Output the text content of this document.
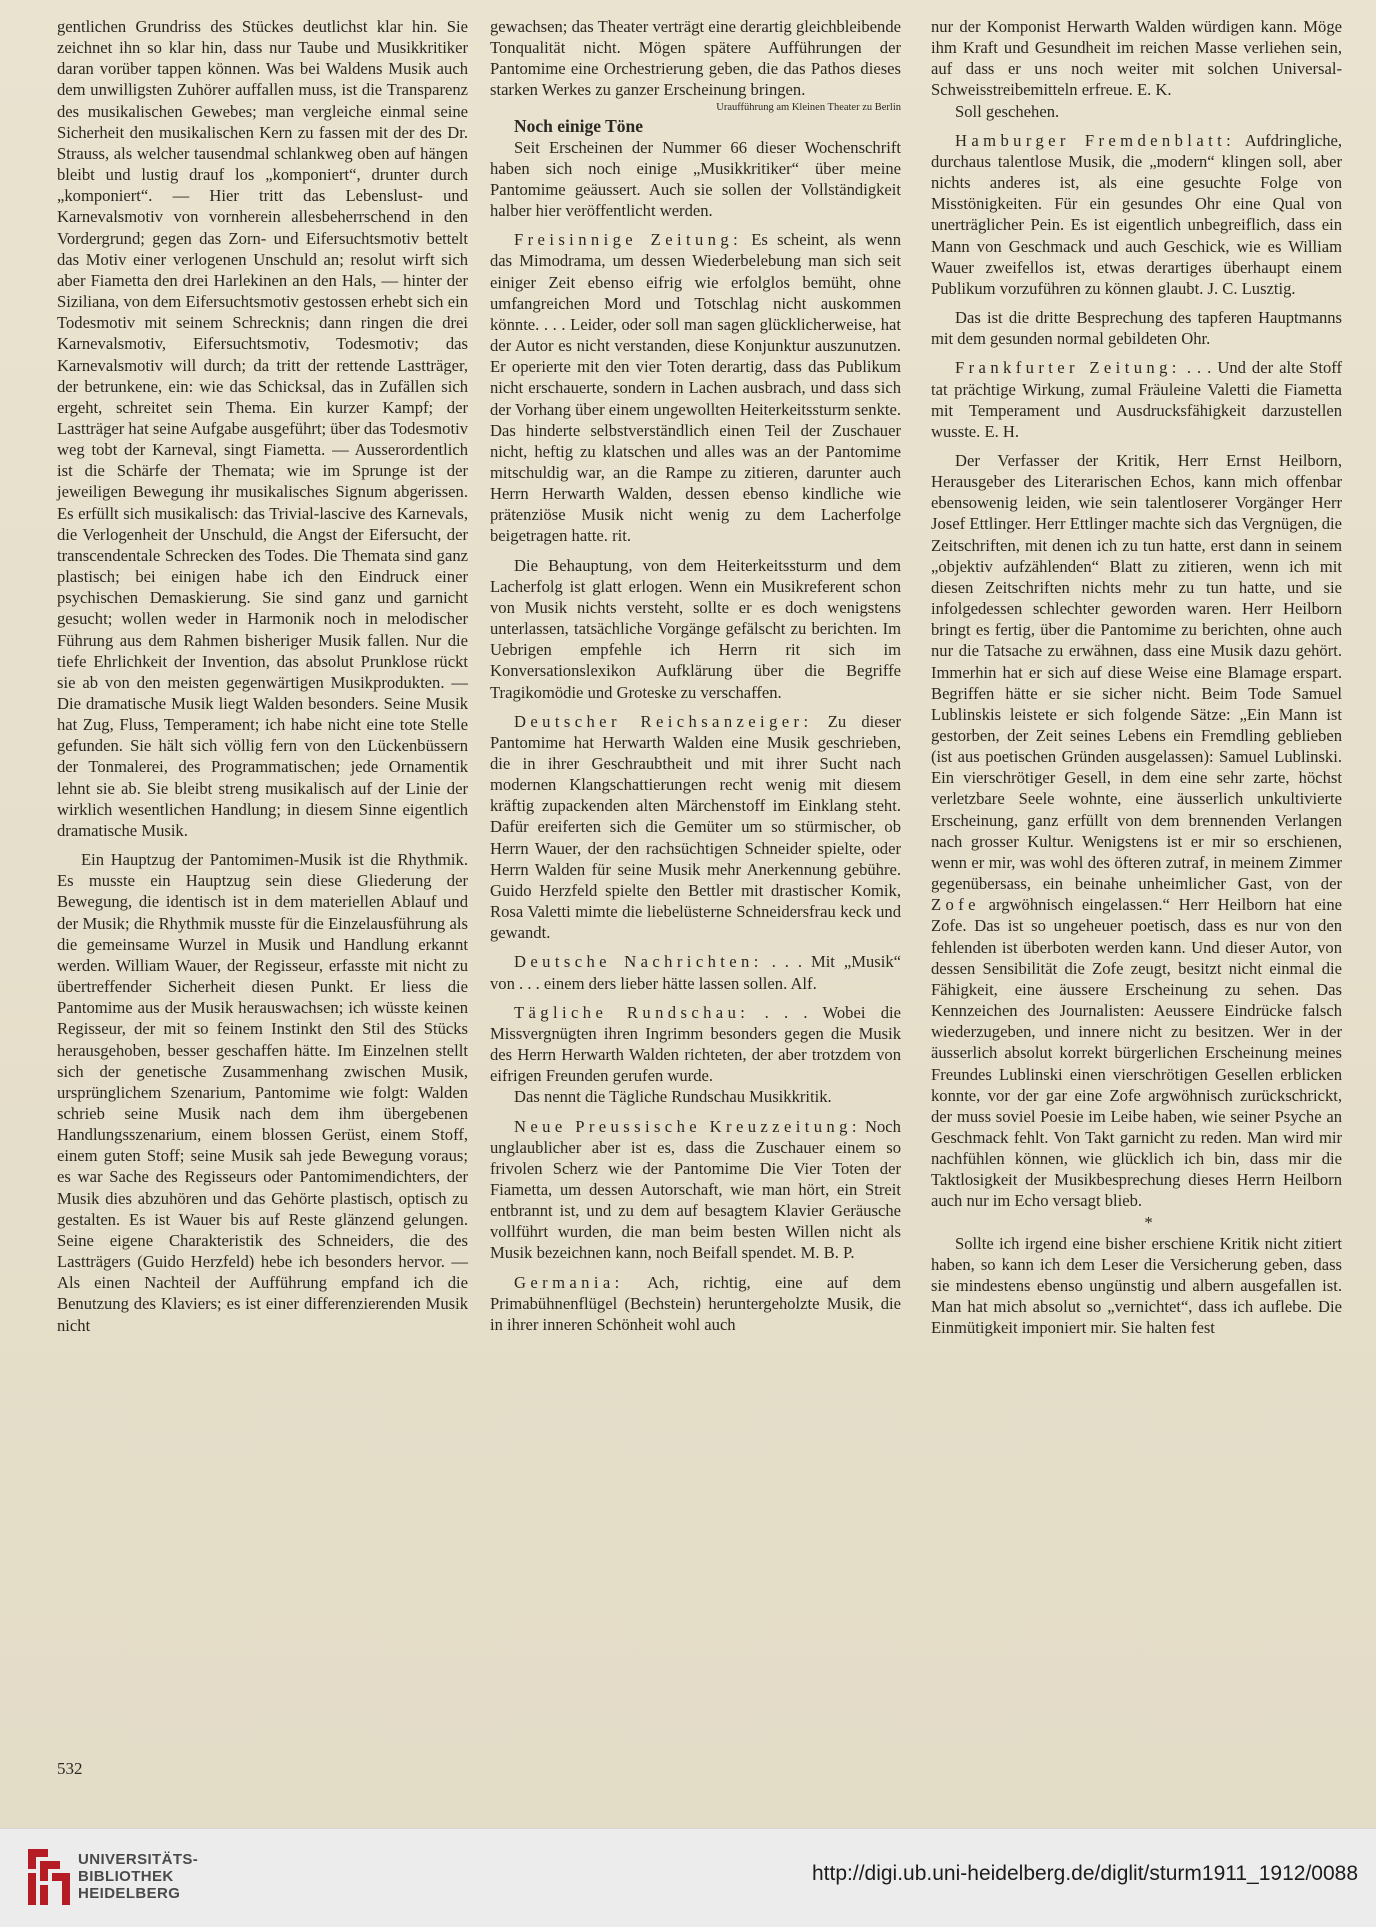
gentlichen Grundriss des Stückes deutlichst klar hin. Sie zeichnet ihn so klar hin, dass nur Taube und Musikkritiker daran vorüber tappen können. Was bei Waldens Musik auch dem unwilligsten Zuhörer auffallen muss, ist die Transparenz des musikalischen Gewebes; man vergleiche einmal seine Sicherheit den musikalischen Kern zu fassen mit der des Dr. Strauss, als welcher tausendmal schlankweg oben auf hängen bleibt und lustig drauf los „komponiert“, drunter durch „komponiert“. — Hier tritt das Lebenslust- und Karnevalsmotiv von vornherein allesbeherrschend in den Vordergrund; gegen das Zorn- und Eifersuchtsmotiv bettelt das Motiv einer verlogenen Unschuld an; resolut wirft sich aber Fiametta den drei Harlekinen an den Hals, — hinter der Siziliana, von dem Eifersuchtsmotiv gestossen erhebt sich ein Todesmotiv mit seinem Schrecknis; dann ringen die drei Karnevalsmotiv, Eifersuchtsmotiv, Todesmotiv; das Karnevalsmotiv will durch; da tritt der rettende Lastträger, der betrunkene, ein: wie das Schicksal, das in Zufällen sich ergeht, schreitet sein Thema. Ein kurzer Kampf; der Lastträger hat seine Aufgabe ausgeführt; über das Todesmotiv weg tobt der Karneval, singt Fiametta. — Ausserordentlich ist die Schärfe der Themata; wie im Sprunge ist der jeweiligen Bewegung ihr musikalisches Signum abgerissen. Es erfüllt sich musikalisch: das Trivial-lascive des Karnevals, die Verlogenheit der Unschuld, die Angst der Eifersucht, der transcendentale Schrecken des Todes. Die Themata sind ganz plastisch; bei einigen habe ich den Eindruck einer psychischen Demaskierung. Sie sind ganz und garnicht gesucht; wollen weder in Harmonik noch in melodischer Führung aus dem Rahmen bisheriger Musik fallen. Nur die tiefe Ehrlichkeit der Invention, das absolut Prunklose rückt sie ab von den meisten gegenwärtigen Musikprodukten. — Die dramatische Musik liegt Walden besonders. Seine Musik hat Zug, Fluss, Temperament; ich habe nicht eine tote Stelle gefunden. Sie hält sich völlig fern von den Lückenbüssern der Tonmalerei, des Programmatischen; jede Ornamentik lehnt sie ab. Sie bleibt streng musikalisch auf der Linie der wirklich wesentlichen Handlung; in diesem Sinne eigentlich dramatische Musik.

Ein Hauptzug der Pantomimen-Musik ist die Rhythmik. Es musste ein Hauptzug sein diese Gliederung der Bewegung, die identisch ist in dem materiellen Ablauf und der Musik; die Rhythmik musste für die Einzelausführung als die gemeinsame Wurzel in Musik und Handlung erkannt werden. William Wauer, der Regisseur, erfasste mit nicht zu übertreffender Sicherheit diesen Punkt. Er liess die Pantomime aus der Musik herauswachsen; ich wüsste keinen Regisseur, der mit so feinem Instinkt den Stil des Stücks herausgehoben, besser geschaffen hätte. Im Einzelnen stellt sich der genetische Zusammenhang zwischen Musik, ursprünglichem Szenarium, Pantomime wie folgt: Walden schrieb seine Musik nach dem ihm übergebenen Handlungsszenarium, einem blossen Gerüst, einem Stoff, einem guten Stoff; seine Musik sah jede Bewegung voraus; es war Sache des Regisseurs oder Pantomimendichters, der Musik dies abzuhören und das Gehörte plastisch, optisch zu gestalten. Es ist Wauer bis auf Reste glänzend gelungen. Seine eigene Charakteristik des Schneiders, die des Lastträgers (Guido Herzfeld) hebe ich besonders hervor. — Als einen Nachteil der Aufführung empfand ich die Benutzung des Klaviers; es ist einer differenzierenden Musik nicht

gewachsen; das Theater verträgt eine derartig gleichbleibende Tonqualität nicht. Mögen spätere Aufführungen der Pantomime eine Orchestrierung geben, die das Pathos dieses starken Werkes zu ganzer Erscheinung bringen.

Uraufführung am Kleinen Theater zu Berlin

Noch einige Töne

Seit Erscheinen der Nummer 66 dieser Wochenschrift haben sich noch einige „Musikkritiker“ über meine Pantomime geäussert. Auch sie sollen der Vollständigkeit halber hier veröffentlicht werden.

Freisinnige Zeitung: Es scheint, als wenn das Mimodrama, um dessen Wiederbelebung man sich seit einiger Zeit ebenso eifrig wie erfolglos bemüht, ohne umfangreichen Mord und Totschlag nicht auskommen könnte. . . . Leider, oder soll man sagen glücklicherweise, hat der Autor es nicht verstanden, diese Konjunktur auszunutzen. Er operierte mit den vier Toten derartig, dass das Publikum nicht erschauerte, sondern in Lachen ausbrach, und dass sich der Vorhang über einem ungewollten Heiterkeitssturm senkte. Das hinderte selbstverständlich einen Teil der Zuschauer nicht, heftig zu klatschen und alles was an der Pantomime mitschuldig war, an die Rampe zu zitieren, darunter auch Herrn Herwarth Walden, dessen ebenso kindliche wie prätenziöse Musik nicht wenig zu dem Lacherfolge beigetragen hatte. rit.

Die Behauptung, von dem Heiterkeitssturm und dem Lacherfolg ist glatt erlogen. Wenn ein Musikreferent schon von Musik nichts versteht, sollte er es doch wenigstens unterlassen, tatsächliche Vorgänge gefälscht zu berichten. Im Uebrigen empfehle ich Herrn rit sich im Konversationslexikon Aufklärung über die Begriffe Tragikomödie und Groteske zu verschaffen.

Deutscher Reichsanzeiger: Zu dieser Pantomime hat Herwarth Walden eine Musik geschrieben, die in ihrer Geschraubtheit und mit ihrer Sucht nach modernen Klangschattierungen recht wenig mit diesem kräftig zupackenden alten Märchenstoff im Einklang steht. Dafür ereiferten sich die Gemüter um so stürmischer, ob Herrn Wauer, der den rachsüchtigen Schneider spielte, oder Herrn Walden für seine Musik mehr Anerkennung gebühre. Guido Herzfeld spielte den Bettler mit drastischer Komik, Rosa Valetti mimte die liebelüsterne Schneidersfrau keck und gewandt.

Deutsche Nachrichten: . . . Mit „Musik“ von . . . einem ders lieber hätte lassen sollen. Alf.

Tägliche Rundschau: . . . Wobei die Missvergnügten ihren Ingrimm besonders gegen die Musik des Herrn Herwarth Walden richteten, der aber trotzdem von eifrigen Freunden gerufen wurde.

Das nennt die Tägliche Rundschau Musikkritik.

Neue Preussische Kreuzzeitung: Noch unglaublicher aber ist es, dass die Zuschauer einem so frivolen Scherz wie der Pantomime Die Vier Toten der Fiametta, um dessen Autorschaft, wie man hört, ein Streit entbrannt ist, und zu dem auf besagtem Klavier Geräusche vollführt wurden, die man beim besten Willen nicht als Musik bezeichnen kann, noch Beifall spendet. M. B. P.

Germania: Ach, richtig, eine auf dem Primabühnenflügel (Bechstein) heruntergeholzte Musik, die in ihrer inneren Schönheit wohl auch

nur der Komponist Herwarth Walden würdigen kann. Möge ihm Kraft und Gesundheit im reichen Masse verliehen sein, auf dass er uns noch weiter mit solchen Universal-Schweisstreibemitteln erfreue. E. K.

Soll geschehen.

Hamburger Fremdenblatt: Aufdringliche, durchaus talentlose Musik, die „modern“ klingen soll, aber nichts anderes ist, als eine gesuchte Folge von Misstönigkeiten. Für ein gesundes Ohr eine Qual von unerträglicher Pein. Es ist eigentlich unbegreiflich, dass ein Mann von Geschmack und auch Geschick, wie es William Wauer zweifellos ist, etwas derartiges überhaupt einem Publikum vorzuführen zu können glaubt. J. C. Lusztig.

Das ist die dritte Besprechung des tapferen Hauptmanns mit dem gesunden normal gebildeten Ohr.

Frankfurter Zeitung: . . . Und der alte Stoff tat prächtige Wirkung, zumal Fräuleine Valetti die Fiametta mit Temperament und Ausdrucksfähigkeit darzustellen wusste. E. H.

Der Verfasser der Kritik, Herr Ernst Heilborn, Herausgeber des Literarischen Echos, kann mich offenbar ebensowenig leiden, wie sein talentloserer Vorgänger Herr Josef Ettlinger. Herr Ettlinger machte sich das Vergnügen, die Zeitschriften, mit denen ich zu tun hatte, erst dann in seinem „objektiv aufzählenden“ Blatt zu zitieren, wenn ich mit diesen Zeitschriften nichts mehr zu tun hatte, und sie infolgedessen schlechter geworden waren. Herr Heilborn bringt es fertig, über die Pantomime zu berichten, ohne auch nur die Tatsache zu erwähnen, dass eine Musik dazu gehört. Immerhin hat er sich auf diese Weise eine Blamage erspart. Begriffen hätte er sie sicher nicht. Beim Tode Samuel Lublinskis leistete er sich folgende Sätze: „Ein Mann ist gestorben, der Zeit seines Lebens ein Fremdling geblieben (ist aus poetischen Gründen ausgelassen): Samuel Lublinski. Ein vierschrötiger Gesell, in dem eine sehr zarte, höchst verletzbare Seele wohnte, eine äusserlich unkultivierte Erscheinung, ganz erfüllt von dem brennenden Verlangen nach grosser Kultur. Wenigstens ist er mir so erschienen, wenn er mir, was wohl des öfteren zutraf, in meinem Zimmer gegenübersass, ein beinahe unheimlicher Gast, von der Zofe argwöhnisch eingelassen.“ Herr Heilborn hat eine Zofe. Das ist so ungeheuer poetisch, dass es nur von den fehlenden ist überboten werden kann. Und dieser Autor, von dessen Sensibilität die Zofe zeugt, besitzt nicht einmal die Fähigkeit, eine äussere Erscheinung zu sehen. Das Kennzeichen des Journalisten: Aeussere Eindrücke falsch wiederzugeben, und innere nicht zu besitzen. Wer in der äusserlich absolut korrekt bürgerlichen Erscheinung meines Freundes Lublinski einen vierschrötigen Gesellen erblicken konnte, vor der gar eine Zofe argwöhnisch zurückschrickt, der muss soviel Poesie im Leibe haben, wie seiner Psyche an Geschmack fehlt. Von Takt garnicht zu reden. Man wird mir nachfühlen können, wie glücklich ich bin, dass mir die Taktlosigkeit der Musikbesprechung dieses Herrn Heilborn auch nur im Echo versagt blieb.

*

Sollte ich irgend eine bisher erschiene Kritik nicht zitiert haben, so kann ich dem Leser die Versicherung geben, dass sie mindestens ebenso ungünstig und albern ausgefallen ist. Man hat mich absolut so „vernichtet“, dass ich auflebe. Die Einmütigkeit imponiert mir. Sie halten fest

532
UNIVERSITÄTS-
BIBLIOTHEK
HEIDELBERG
http://digi.ub.uni-heidelberg.de/diglit/sturm1911_1912/0088
